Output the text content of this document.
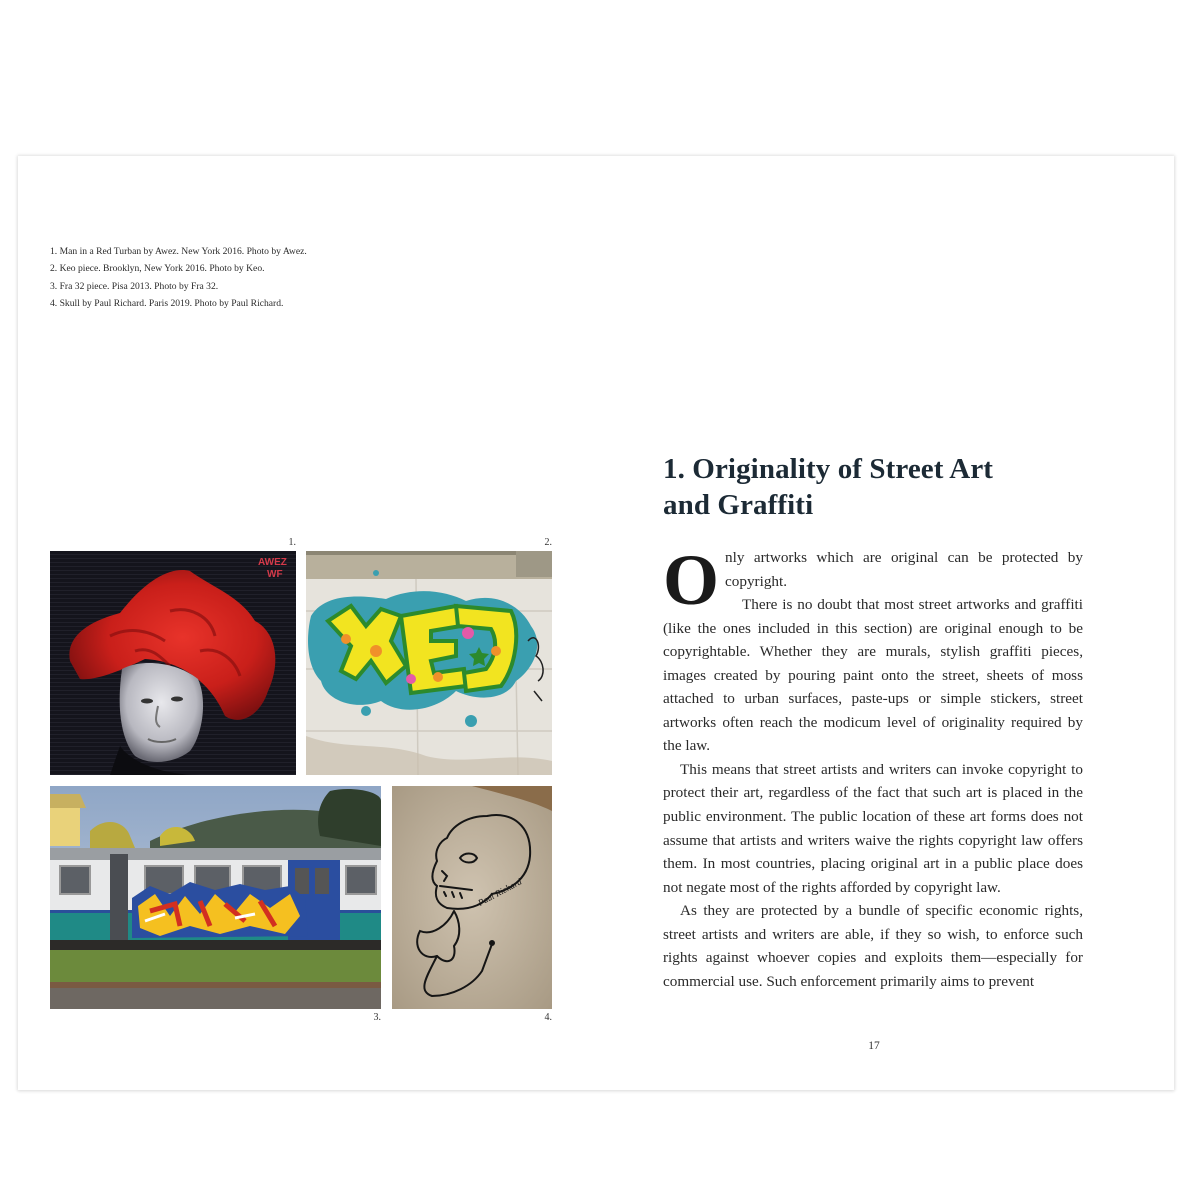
1. Man in a Red Turban by Awez. New York 2016. Photo by Awez.
2. Keo piece. Brooklyn, New York 2016. Photo by Keo.
3. Fra 32 piece. Pisa 2013. Photo by Fra 32.
4. Skull by Paul Richard. Paris 2019. Photo by Paul Richard.
1.
AWEZ
WF
2.
3.
Paul Richard
4.
1. Originality of Street Art
and Graffiti

Only artworks which are original can be protected by copyright.

There is no doubt that most street artworks and graffiti (like the ones included in this section) are original enough to be copyrightable. Whether they are murals, stylish graffiti pieces, images created by pouring paint onto the street, sheets of moss attached to urban surfaces, paste-ups or simple stickers, street artworks often reach the modicum level of originality required by the law.

This means that street artists and writers can invoke copyright to protect their art, regardless of the fact that such art is placed in the public environment. The public location of these art forms does not assume that artists and writers waive the rights copyright law offers them. In most countries, placing original art in a public place does not negate most of the rights afforded by copyright law.

As they are protected by a bundle of specific economic rights, street artists and writers are able, if they so wish, to enforce such rights against whoever copies and exploits them—especially for commercial use. Such enforcement primarily aims to prevent

17
